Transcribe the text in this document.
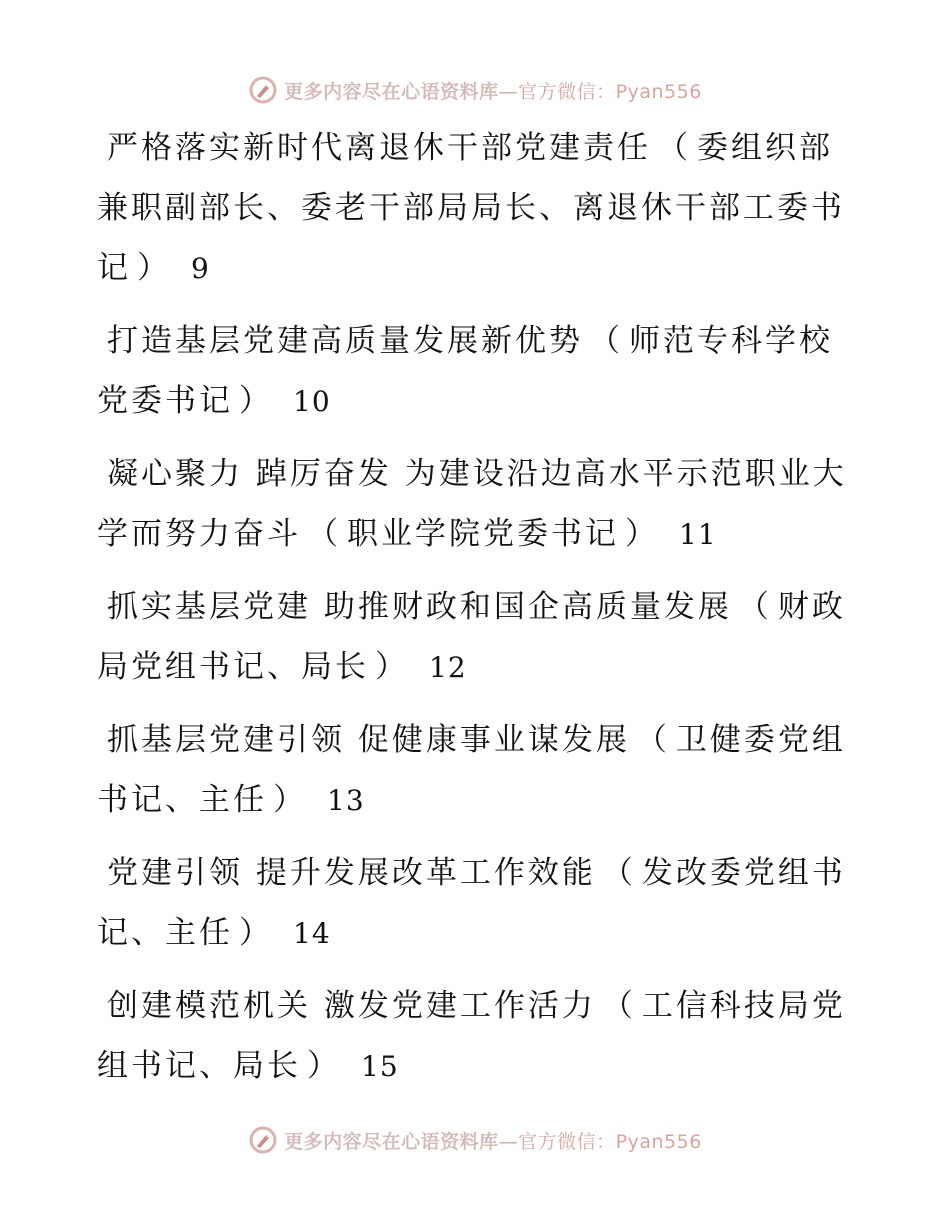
更多内容尽在心语资料库—官方微信：Pyan556

严格落实新时代离退休干部党建责任 （ 委组织部兼职副部长、委老干部局局长、离退休干部工委书记 ） 9

打造基层党建高质量发展新优势 （ 师范专科学校党委书记 ） 10

凝心聚力 踔厉奋发 为建设沿边高水平示范职业大学而努力奋斗 （ 职业学院党委书记 ） 11

抓实基层党建 助推财政和国企高质量发展 （ 财政局党组书记、局长 ） 12

抓基层党建引领 促健康事业谋发展 （ 卫健委党组书记、主任 ） 13

党建引领 提升发展改革工作效能 （ 发改委党组书记、主任 ） 14

创建模范机关 激发党建工作活力 （ 工信科技局党组书记、局长 ） 15

更多内容尽在心语资料库—官方微信：Pyan556
